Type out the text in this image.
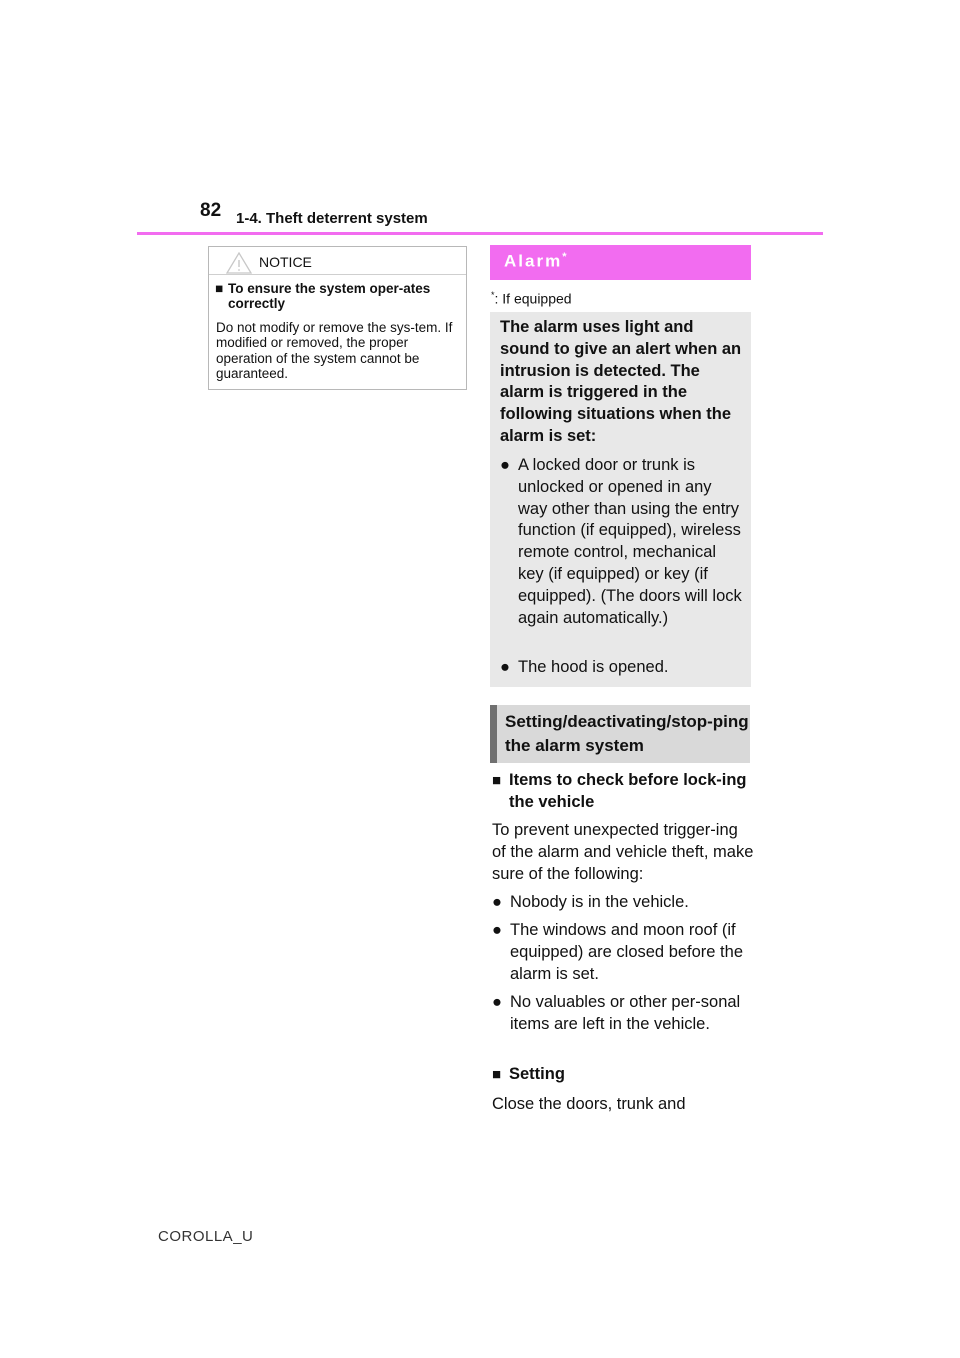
82 1-4. Theft deterrent system
NOTICE
■ To ensure the system oper-ates correctly
Do not modify or remove the sys-tem. If modified or removed, the proper operation of the system cannot be guaranteed.
Alarm*
*: If equipped
The alarm uses light and sound to give an alert when an intrusion is detected. The alarm is triggered in the following situations when the alarm is set:
● A locked door or trunk is unlocked or opened in any way other than using the entry function (if equipped), wireless remote control, mechanical key (if equipped) or key (if equipped). (The doors will lock again automatically.)
● The hood is opened.
Setting/deactivating/stop-ping the alarm system
■ Items to check before lock-ing the vehicle
To prevent unexpected trigger-ing of the alarm and vehicle theft, make sure of the following:
● Nobody is in the vehicle.
● The windows and moon roof (if equipped) are closed before the alarm is set.
● No valuables or other per-sonal items are left in the vehicle.
■ Setting
Close the doors, trunk and
COROLLA_U
